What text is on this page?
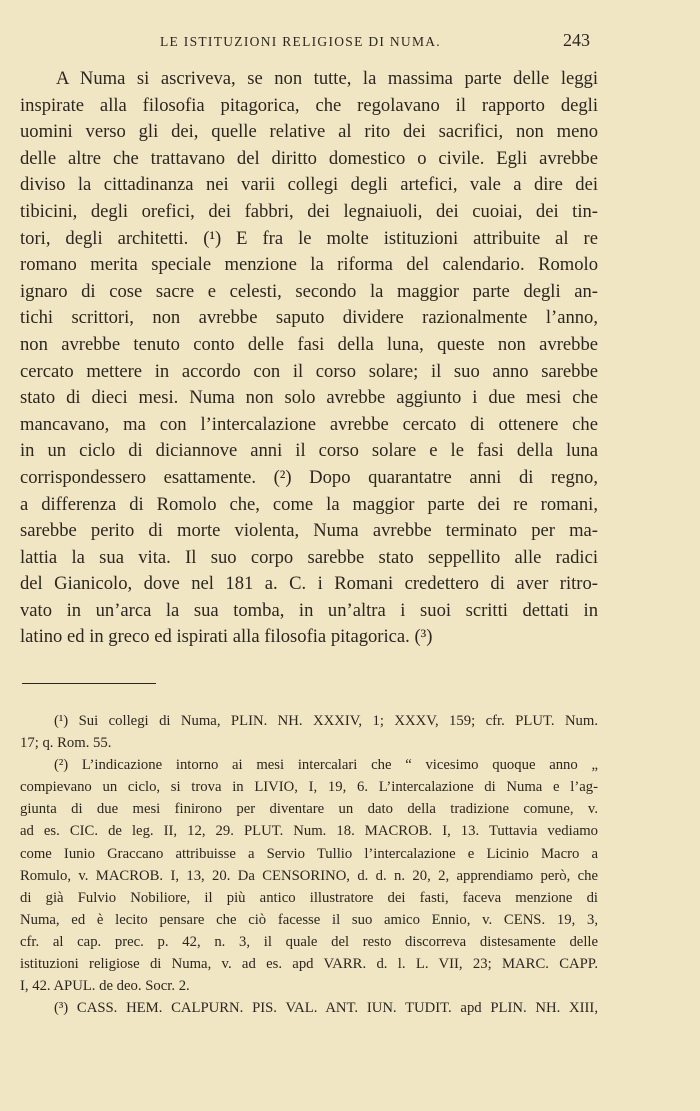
LE ISTITUZIONI RELIGIOSE DI NUMA.	243
A Numa si ascriveva, se non tutte, la massima parte delle leggi
inspirate alla filosofia pitagorica, che regolavano il rapporto degli
uomini verso gli dei, quelle relative al rito dei sacrifici, non meno
delle altre che trattavano del diritto domestico o civile. Egli avrebbe
diviso la cittadinanza nei varii collegi degli artefici, vale a dire dei
tibicini, degli orefici, dei fabbri, dei legnaiuoli, dei cuoiai, dei tin-
tori, degli architetti. (¹) E fra le molte istituzioni attribuite al re
romano merita speciale menzione la riforma del calendario. Romolo
ignaro di cose sacre e celesti, secondo la maggior parte degli an-
tichi scrittori, non avrebbe saputo dividere razionalmente l’anno,
non avrebbe tenuto conto delle fasi della luna, queste non avrebbe
cercato mettere in accordo con il corso solare; il suo anno sarebbe
stato di dieci mesi. Numa non solo avrebbe aggiunto i due mesi che
mancavano, ma con l’intercalazione avrebbe cercato di ottenere che
in un ciclo di diciannove anni il corso solare e le fasi della luna
corrispondessero esattamente. (²) Dopo quarantatre anni di regno,
a differenza di Romolo che, come la maggior parte dei re romani,
sarebbe perito di morte violenta, Numa avrebbe terminato per ma-
lattia la sua vita. Il suo corpo sarebbe stato seppellito alle radici
del Gianicolo, dove nel 181 a. C. i Romani credettero di aver ritro-
vato in un’arca la sua tomba, in un’altra i suoi scritti dettati in
latino ed in greco ed ispirati alla filosofia pitagorica. (³)
(¹) Sui collegi di Numa, PLIN. NH. XXXIV, 1; XXXV, 159; cfr. PLUT. Num.
17; q. Rom. 55.
(²) L’indicazione intorno ai mesi intercalari che “ vicesimo quoque anno „
compievano un ciclo, si trova in LIVIO, I, 19, 6. L’intercalazione di Numa e l’ag-
giunta di due mesi finirono per diventare un dato della tradizione comune, v.
ad es. CIC. de leg. II, 12, 29. PLUT. Num. 18. MACROB. I, 13. Tuttavia vediamo
come Iunio Graccano attribuisse a Servio Tullio l’intercalazione e Licinio Macro a
Romulo, v. MACROB. I, 13, 20. Da CENSORINO, d. d. n. 20, 2, apprendiamo però, che
di già Fulvio Nobiliore, il più antico illustratore dei fasti, faceva menzione di
Numa, ed è lecito pensare che ciò facesse il suo amico Ennio, v. CENS. 19, 3,
cfr. al cap. prec. p. 42, n. 3, il quale del resto discorreva distesamente delle
istituzioni religiose di Numa, v. ad es. apd VARR. d. l. L. VII, 23; MARC. CAPP.
I, 42. APUL. de deo. Socr. 2.
(³) CASS. HEM. CALPURN. PIS. VAL. ANT. IUN. TUDIT. apd PLIN. NH. XIII,
